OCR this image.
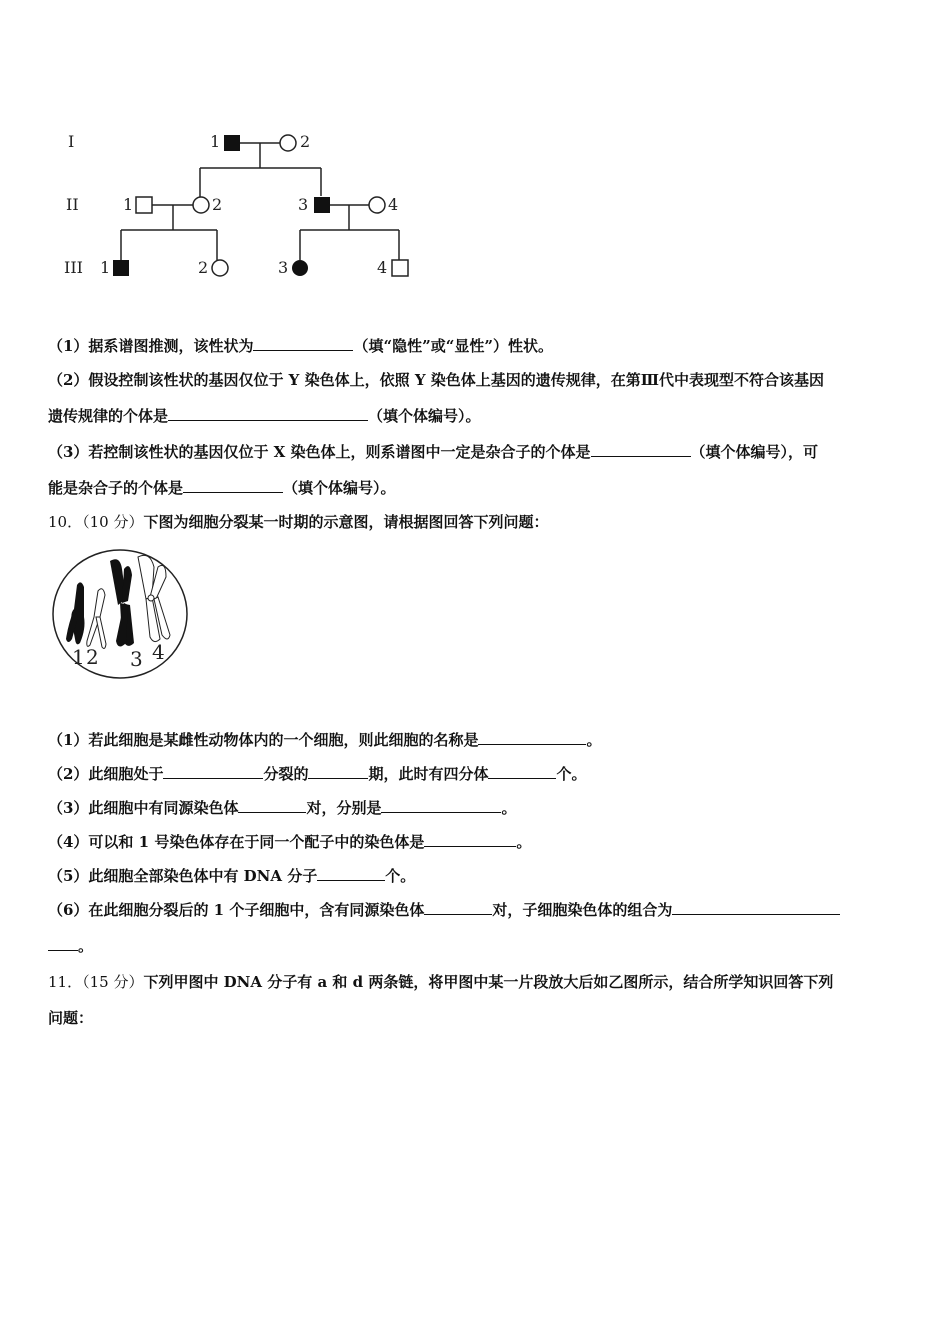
I
II
III
1	2
1	2	3	4
1	2	3	4
（1）据系谱图推测，该性状为	（填“隐性”或“显性”）性状。
（2）假设控制该性状的基因仅位于 Y 染色体上，依照 Y 染色体上基因的遗传规律，在第Ⅲ代中表现型不符合该基因
遗传规律的个体是	（填个体编号）。
（3）若控制该性状的基因仅位于 X 染色体上，则系谱图中一定是杂合子的个体是	（填个体编号），可
能是杂合子的个体是	（填个体编号）。
10．（10 分）下图为细胞分裂某一时期的示意图，请根据图回答下列问题：
1 2 3 4
（1）若此细胞是某雌性动物体内的一个细胞，则此细胞的名称是	。
（2）此细胞处于	分裂的	期，此时有四分体	个。
（3）此细胞中有同源染色体	对，分别是	。
（4）可以和 1 号染色体存在于同一个配子中的染色体是	。
（5）此细胞全部染色体中有 DNA 分子	个。
（6）在此细胞分裂后的 1 个子细胞中，含有同源染色体	对，子细胞染色体的组合为
。
11．（15 分）下列甲图中 DNA 分子有 a 和 d 两条链，将甲图中某一片段放大后如乙图所示，结合所学知识回答下列
问题：
